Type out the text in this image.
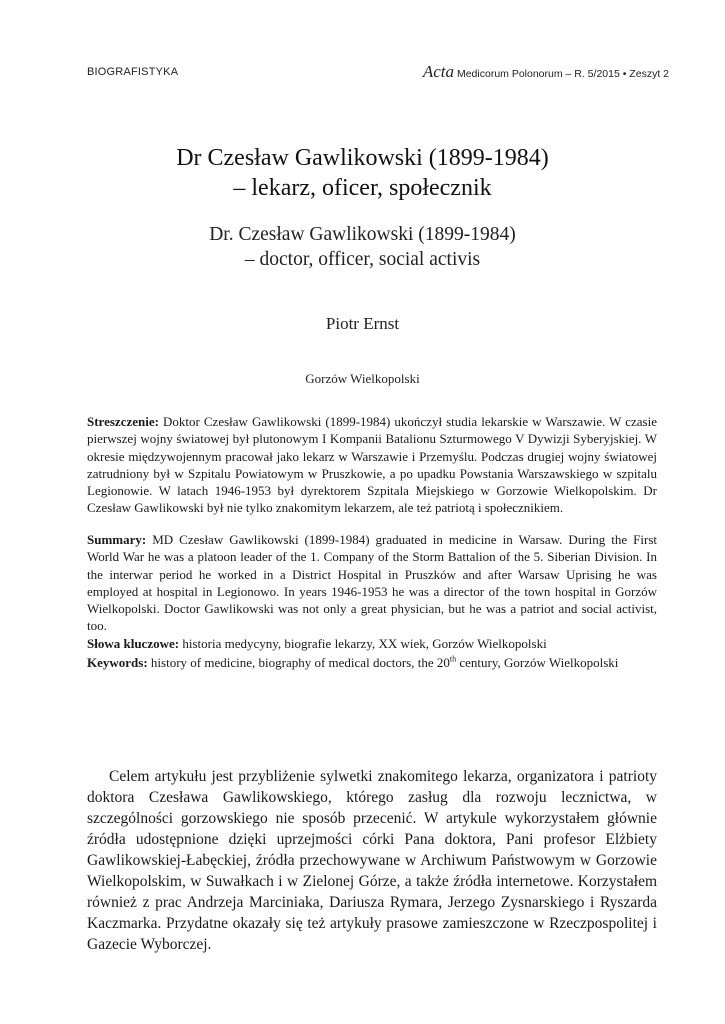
BIOGRAFISTYKA	Acta Medicorum Polonorum – R. 5/2015 • Zeszyt 2
Dr Czesław Gawlikowski (1899-1984)
– lekarz, oficer, społecznik
Dr. Czesław Gawlikowski (1899-1984)
– doctor, officer, social activis
Piotr Ernst
Gorzów Wielkopolski

Streszczenie: Doktor Czesław Gawlikowski (1899-1984) ukończył studia lekarskie w Warszawie. W czasie pierwszej wojny światowej był plutonowym I Kompanii Batalionu Szturmowego V Dywizji Syberyjskiej. W okresie międzywojennym pracował jako lekarz w Warszawie i Przemyślu. Podczas drugiej wojny światowej zatrudniony był w Szpitalu Powiatowym w Pruszkowie, a po upadku Powstania Warszawskiego w szpitalu Legionowie. W latach 1946-1953 był dyrektorem Szpitala Miejskiego w Gorzowie Wielkopolskim. Dr Czesław Gawlikowski był nie tylko znakomitym lekarzem, ale też patriotą i społecznikiem.

Summary: MD Czesław Gawlikowski (1899-1984) graduated in medicine in Warsaw. During the First World War he was a platoon leader of the 1. Company of the Storm Battalion of the 5. Siberian Division. In the interwar period he worked in a District Hospital in Pruszków and after Warsaw Uprising he was employed at hospital in Legionowo. In years 1946-1953 he was a director of the town hospital in Gorzów Wielkopolski. Doctor Gawlikowski was not only a great physician, but he was a patriot and social activist, too.

Słowa kluczowe: historia medycyny, biografie lekarzy, XX wiek, Gorzów Wielkopolski

Keywords: history of medicine, biography of medical doctors, the 20th century, Gorzów Wielkopolski

Celem artykułu jest przybliżenie sylwetki znakomitego lekarza, organizatora i patrioty doktora Czesława Gawlikowskiego, którego zasług dla rozwoju lecznictwa, w szczególności gorzowskiego nie sposób przecenić. W artykule wykorzystałem głównie źródła udostępnione dzięki uprzejmości córki Pana doktora, Pani profesor Elżbiety Gawlikowskiej-Łabęckiej, źródła przechowywane w Archiwum Państwowym w Gorzowie Wielkopolskim, w Suwałkach i w Zielonej Górze, a także źródła internetowe. Korzystałem również z prac Andrzeja Marciniaka, Dariusza Rymara, Jerzego Zysnarskiego i Ryszarda Kaczmarka. Przydatne okazały się też artykuły prasowe zamieszczone w Rzeczpospolitej i Gazecie Wyborczej.
